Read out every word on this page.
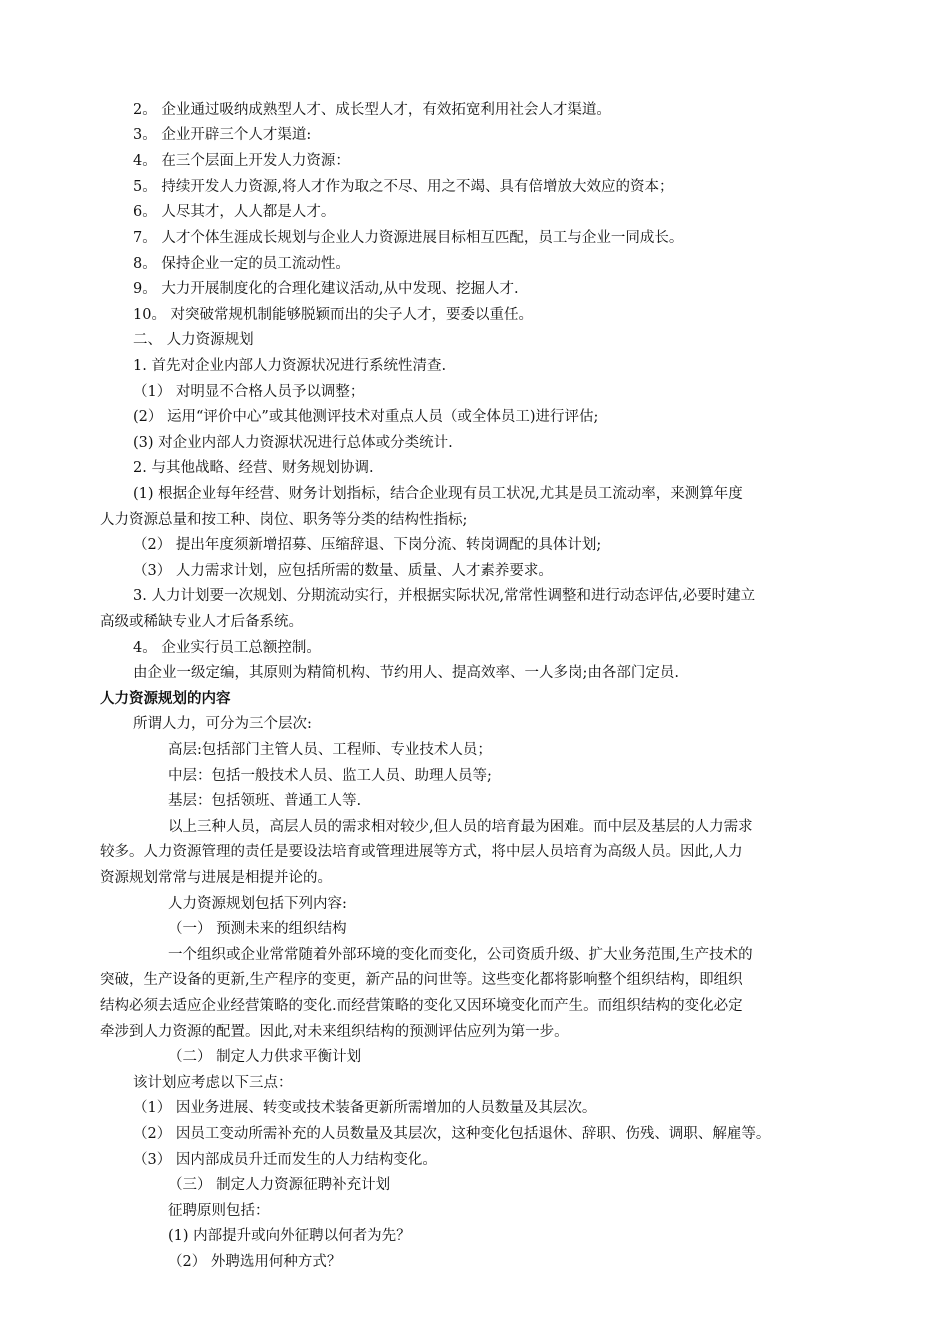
2。 企业通过吸纳成熟型人才、成长型人才，有效拓宽利用社会人才渠道。
3。 企业开辟三个人才渠道:
4。 在三个层面上开发人力资源：
5。 持续开发人力资源,将人才作为取之不尽、用之不竭、具有倍增放大效应的资本；
6。 人尽其才，人人都是人才。
7。 人才个体生涯成长规划与企业人力资源进展目标相互匹配，员工与企业一同成长。
8。 保持企业一定的员工流动性。
9。 大力开展制度化的合理化建议活动,从中发现、挖掘人才.
10。 对突破常规机制能够脱颖而出的尖子人才，要委以重任。
二、 人力资源规划
1. 首先对企业内部人力资源状况进行系统性清查.
（1） 对明显不合格人员予以调整；
(2） 运用“评价中心”或其他测评技术对重点人员（或全体员工)进行评估;
(3) 对企业内部人力资源状况进行总体或分类统计.
2. 与其他战略、经营、财务规划协调.
(1) 根据企业每年经营、财务计划指标，结合企业现有员工状况,尤其是员工流动率，来测算年度
人力资源总量和按工种、岗位、职务等分类的结构性指标;
（2） 提出年度须新增招募、压缩辞退、下岗分流、转岗调配的具体计划;
（3） 人力需求计划，应包括所需的数量、质量、人才素养要求。
3. 人力计划要一次规划、分期流动实行，并根据实际状况,常常性调整和进行动态评估,必要时建立
高级或稀缺专业人才后备系统。
4。 企业实行员工总额控制。
由企业一级定编，其原则为精简机构、节约用人、提高效率、一人多岗;由各部门定员.
人力资源规划的内容
所谓人力，可分为三个层次:
高层:包括部门主管人员、工程师、专业技术人员；
中层：包括一般技术人员、监工人员、助理人员等;
基层：包括领班、普通工人等.
以上三种人员，高层人员的需求相对较少,但人员的培育最为困难。而中层及基层的人力需求
较多。人力资源管理的责任是要设法培育或管理进展等方式，将中层人员培育为高级人员。因此,人力
资源规划常常与进展是相提并论的。
人力资源规划包括下列内容:
（一） 预测未来的组织结构
一个组织或企业常常随着外部环境的变化而变化，公司资质升级、扩大业务范围,生产技术的
突破，生产设备的更新,生产程序的变更，新产品的问世等。这些变化都将影响整个组织结构，即组织
结构必须去适应企业经营策略的变化.而经营策略的变化又因环境变化而产生。而组织结构的变化必定
牵涉到人力资源的配置。因此,对未来组织结构的预测评估应列为第一步。
（二） 制定人力供求平衡计划
该计划应考虑以下三点：
（1） 因业务进展、转变或技术装备更新所需增加的人员数量及其层次。
（2） 因员工变动所需补充的人员数量及其层次，这种变化包括退休、辞职、伤残、调职、解雇等。
（3） 因内部成员升迁而发生的人力结构变化。
（三） 制定人力资源征聘补充计划
征聘原则包括：
(1) 内部提升或向外征聘以何者为先？
（2） 外聘选用何种方式？
